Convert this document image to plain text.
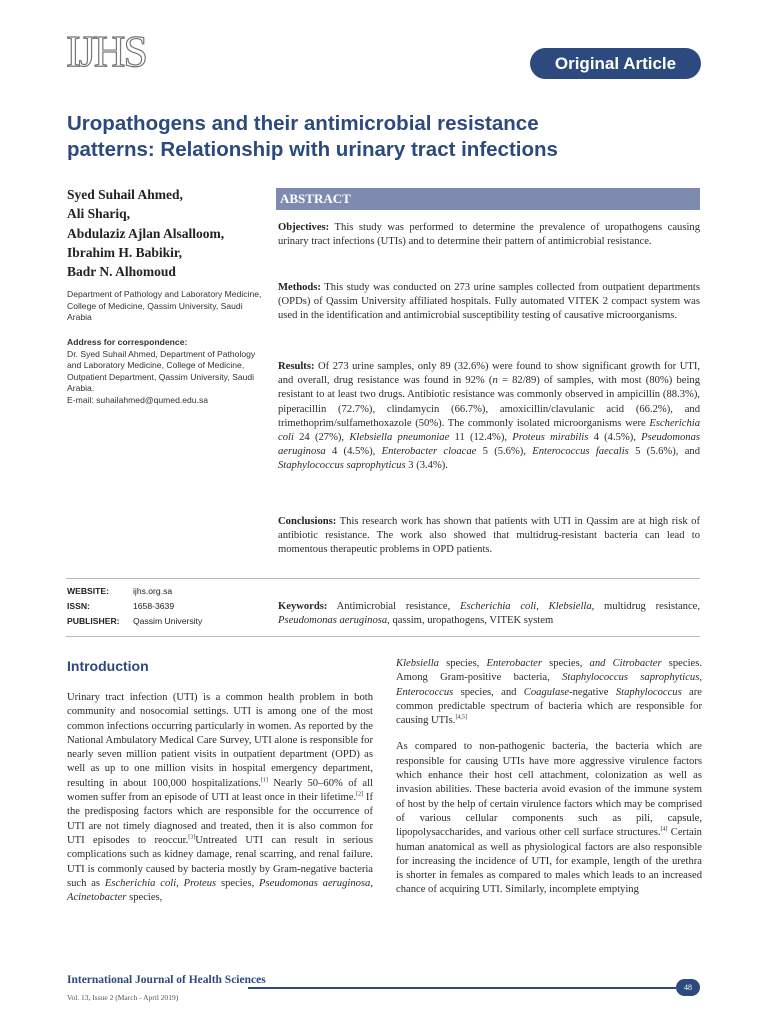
IJHS	Original Article
Uropathogens and their antimicrobial resistance
patterns: Relationship with urinary tract infections
Syed Suhail Ahmed,
Ali Shariq,
Abdulaziz Ajlan Alsalloom,
Ibrahim H. Babikir,
Badr N. Alhomoud
Department of Pathology and Laboratory Medicine, College of Medicine, Qassim University, Saudi Arabia
Address for correspondence:
Dr. Syed Suhail Ahmed, Department of Pathology and Laboratory Medicine, College of Medicine, Outpatient Department, Qassim University, Saudi Arabia.
E-mail: suhailahmed@qumed.edu.sa
WEBSITE:	ijhs.org.sa
ISSN:	1658-3639
PUBLISHER:	Qassim University
ABSTRACT
Objectives: This study was performed to determine the prevalence of uropathogens causing urinary tract infections (UTIs) and to determine their pattern of antimicrobial resistance.
Methods: This study was conducted on 273 urine samples collected from outpatient departments (OPDs) of Qassim University affiliated hospitals. Fully automated VITEK 2 compact system was used in the identification and antimicrobial susceptibility testing of causative microorganisms.
Results: Of 273 urine samples, only 89 (32.6%) were found to show significant growth for UTI, and overall, drug resistance was found in 92% (n = 82/89) of samples, with most (80%) being resistant to at least two drugs. Antibiotic resistance was commonly observed in ampicillin (88.3%), piperacillin (72.7%), clindamycin (66.7%), amoxicillin/clavulanic acid (66.2%), and trimethoprim/sulfamethoxazole (50%). The commonly isolated microorganisms were Escherichia coli 24 (27%), Klebsiella pneumoniae 11 (12.4%), Proteus mirabilis 4 (4.5%), Pseudomonas aeruginosa 4 (4.5%), Enterobacter cloacae 5 (5.6%), Enterococcus faecalis 5 (5.6%), and Staphylococcus saprophyticus 3 (3.4%).
Conclusions: This research work has shown that patients with UTI in Qassim are at high risk of antibiotic resistance. The work also showed that multidrug-resistant bacteria can lead to momentous therapeutic problems in OPD patients.
Keywords: Antimicrobial resistance, Escherichia coli, Klebsiella, multidrug resistance, Pseudomonas aeruginosa, qassim, uropathogens, VITEK system
Introduction

Urinary tract infection (UTI) is a common health problem in both community and nosocomial settings. UTI is among one of the most common infections occurring particularly in women. As reported by the National Ambulatory Medical Care Survey, UTI alone is responsible for nearly seven million patient visits in outpatient department (OPD) as well as up to one million visits in hospital emergency department, resulting in about 100,000 hospitalizations.[1] Nearly 50–60% of all women suffer from an episode of UTI at least once in their lifetime.[2] If the predisposing factors which are responsible for the occurrence of UTI are not timely diagnosed and treated, then it is also common for UTI episodes to reoccur.[3]Untreated UTI can result in serious complications such as kidney damage, renal scarring, and renal failure. UTI is commonly caused by bacteria mostly by Gram-negative bacteria such as Escherichia coli, Proteus species, Pseudomonas aeruginosa, Acinetobacter species,

Klebsiella species, Enterobacter species, and Citrobacter species. Among Gram-positive bacteria, Staphylococcus saprophyticus, Enterococcus species, and Coagulase-negative Staphylococcus are common predictable spectrum of bacteria which are responsible for causing UTIs.[4,5]

As compared to non-pathogenic bacteria, the bacteria which are responsible for causing UTIs have more aggressive virulence factors which enhance their host cell attachment, colonization as well as invasion abilities. These bacteria avoid evasion of the immune system of host by the help of certain virulence factors which may be comprised of various cellular components such as pili, capsule, lipopolysaccharides, and various other cell surface structures.[4] Certain human anatomical as well as physiological factors are also responsible for increasing the incidence of UTI, for example, length of the urethra is shorter in females as compared to males which leads to an increased chance of acquiring UTI. Similarly, incomplete emptying

International Journal of Health Sciences
48
Vol. 13, Issue 2 (March - April 2019)
